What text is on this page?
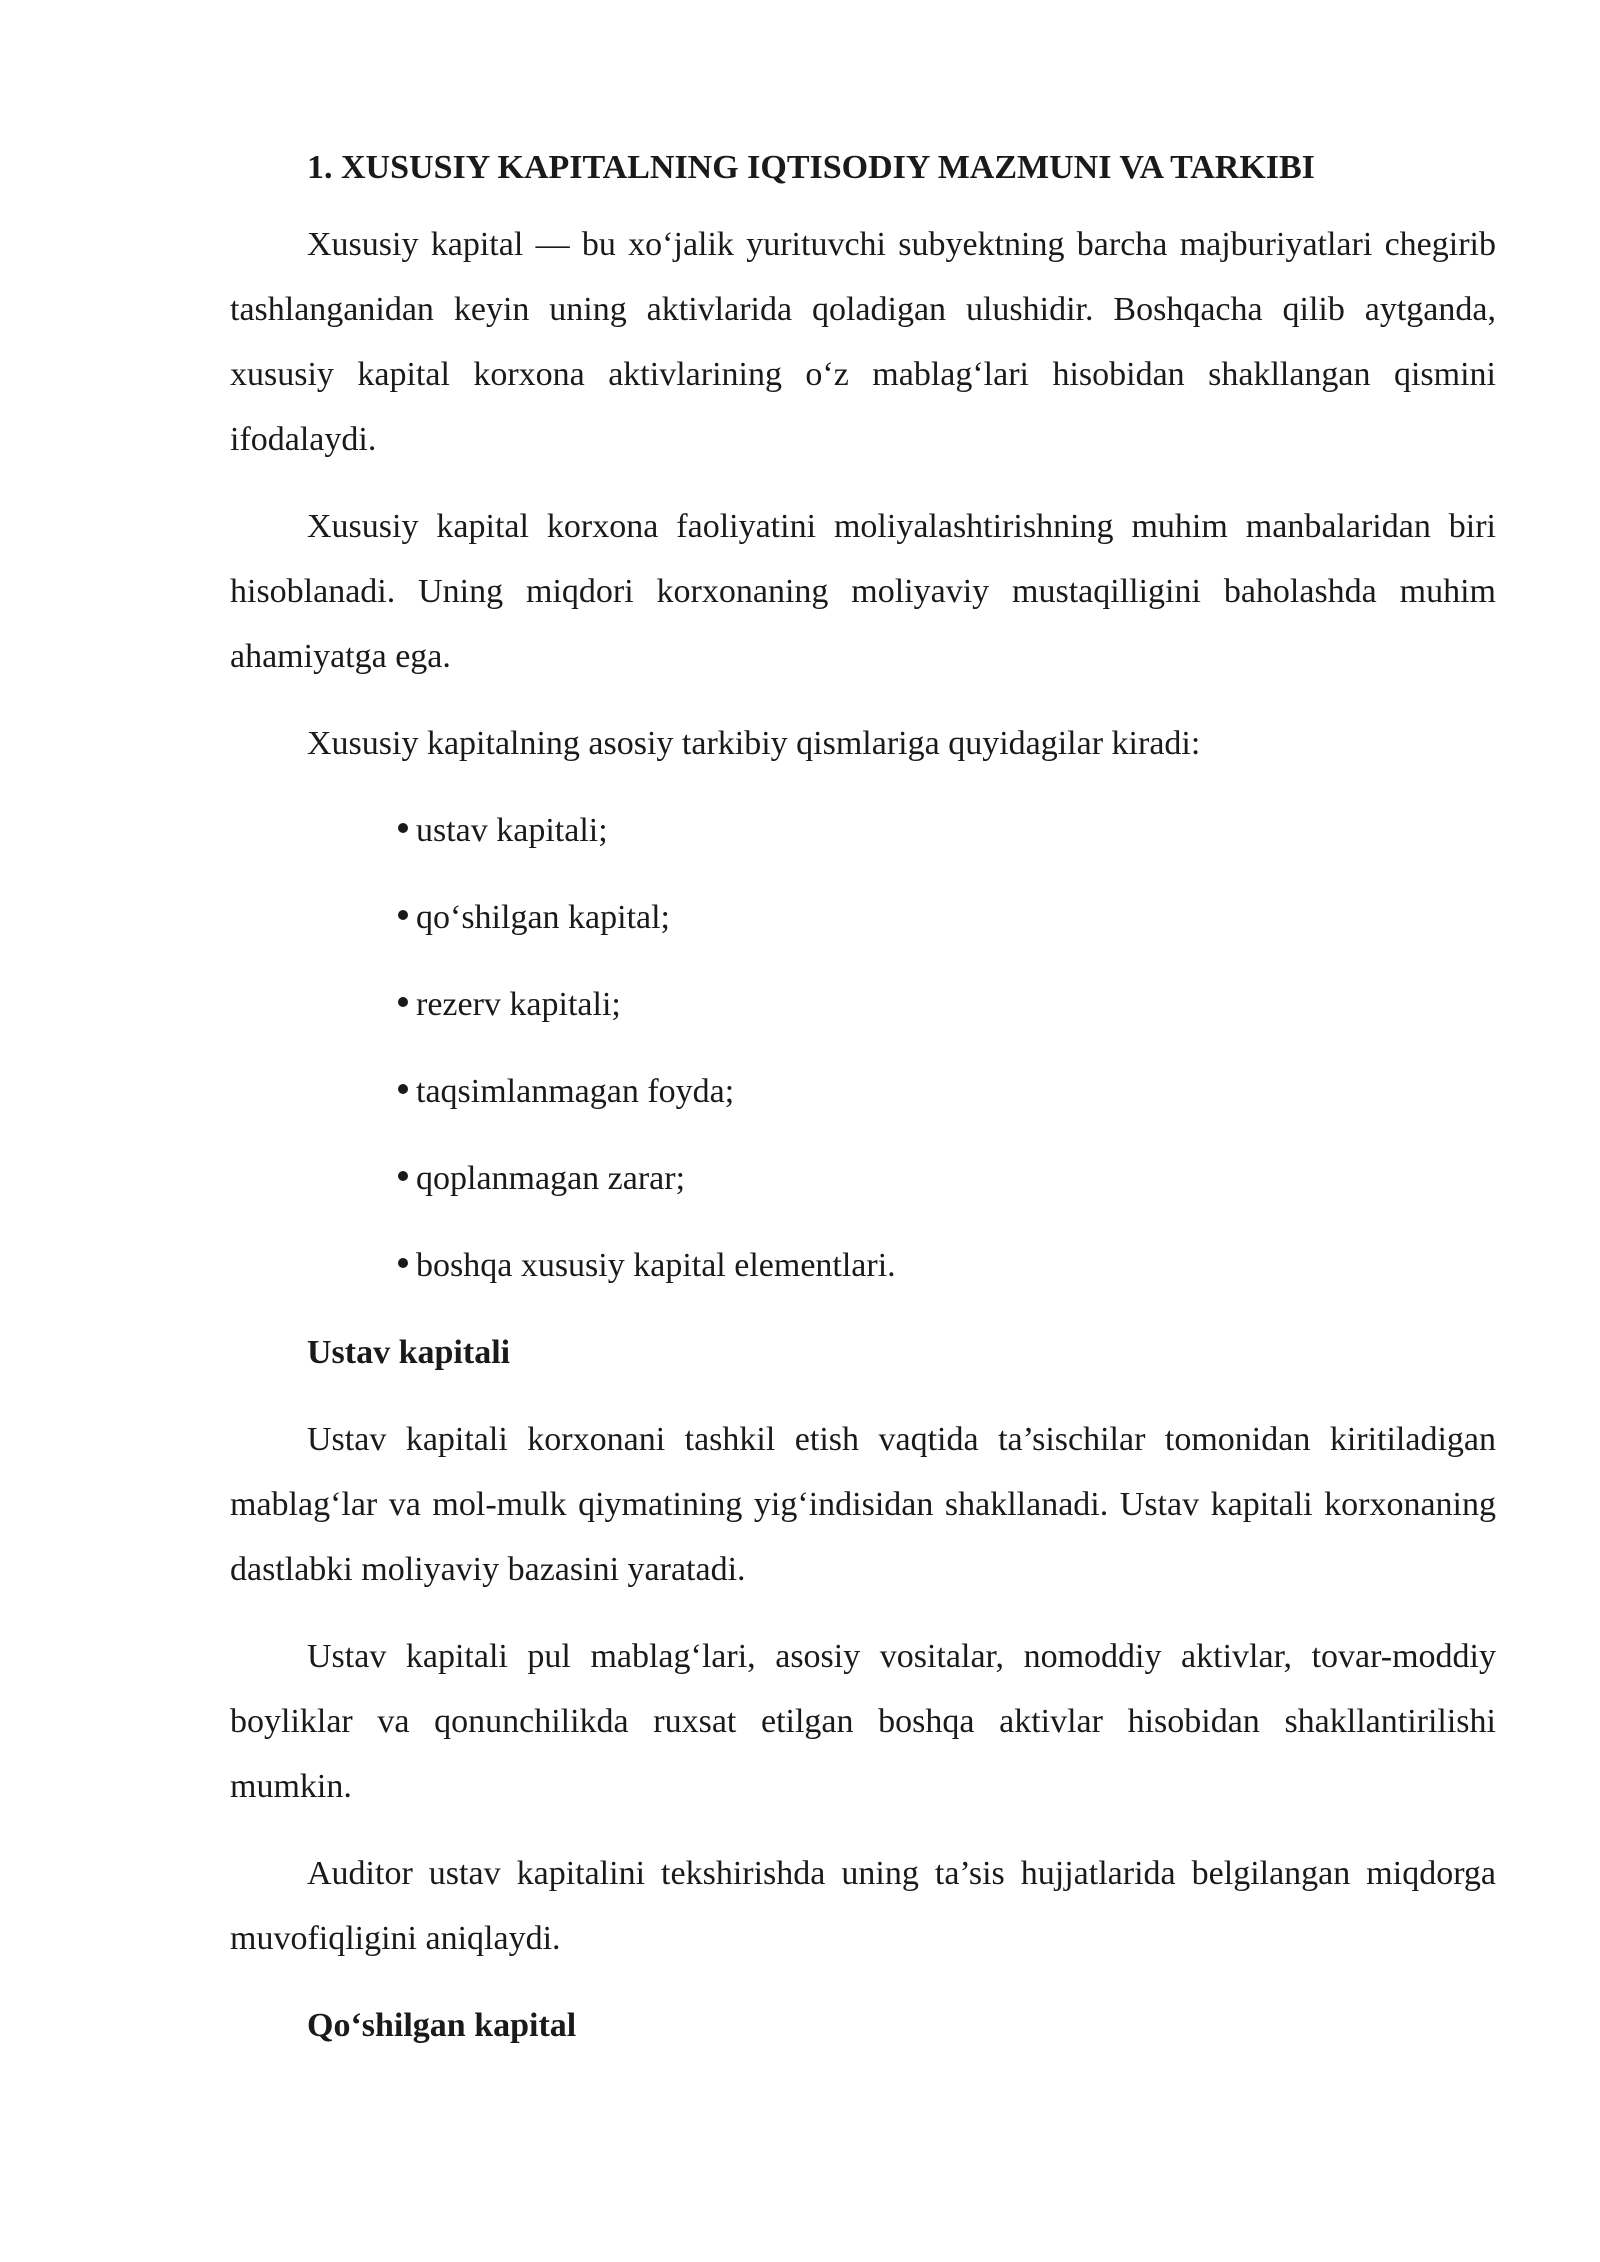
1. XUSUSIY KAPITALNING IQTISODIY MAZMUNI VA TARKIBI

Xususiy kapital — bu xo‘jalik yurituvchi subyektning barcha majburiyatlari chegirib tashlanganidan keyin uning aktivlarida qoladigan ulushidir. Boshqacha qilib aytganda, xususiy kapital korxona aktivlarining o‘z mablag‘lari hisobidan shakllangan qismini ifodalaydi.

Xususiy kapital korxona faoliyatini moliyalashtirishning muhim manbalaridan biri hisoblanadi. Uning miqdori korxonaning moliyaviy mustaqilligini baholashda muhim ahamiyatga ega.

Xususiy kapitalning asosiy tarkibiy qismlariga quyidagilar kiradi:

ustav kapitali;
qo‘shilgan kapital;
rezerv kapitali;
taqsimlanmagan foyda;
qoplanmagan zarar;
boshqa xususiy kapital elementlari.
Ustav kapitali

Ustav kapitali korxonani tashkil etish vaqtida ta’sischilar tomonidan kiritiladigan mablag‘lar va mol-mulk qiymatining yig‘indisidan shakllanadi. Ustav kapitali korxonaning dastlabki moliyaviy bazasini yaratadi.

Ustav kapitali pul mablag‘lari, asosiy vositalar, nomoddiy aktivlar, tovar-moddiy boyliklar va qonunchilikda ruxsat etilgan boshqa aktivlar hisobidan shakllantirilishi mumkin.

Auditor ustav kapitalini tekshirishda uning ta’sis hujjatlarida belgilangan miqdorga muvofiqligini aniqlaydi.

Qo‘shilgan kapital
